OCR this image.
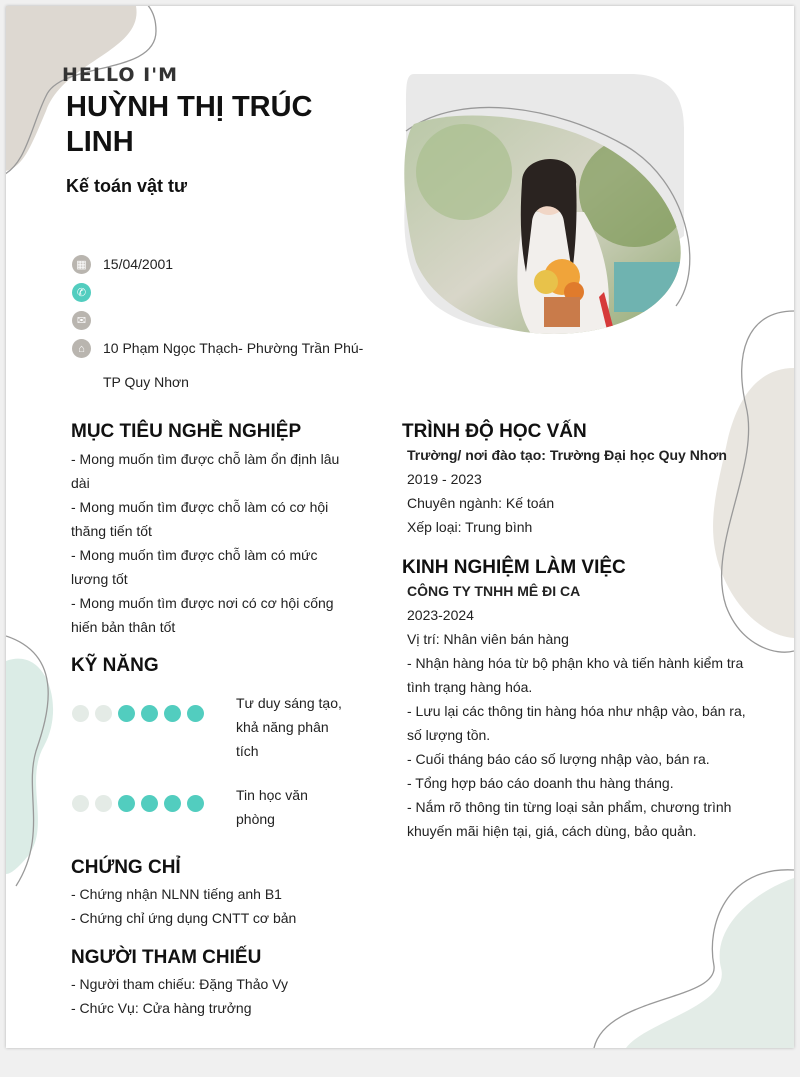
HELLO I'M
HUỲNH THỊ TRÚC LINH
Kế toán vật tư
▦	15/04/2001
✆
✉
⌂	10 Phạm Ngọc Thạch- Phường Trần Phú-
TP Quy Nhơn
MỤC TIÊU NGHỀ NGHIỆP
- Mong muốn tìm được chỗ làm ổn định lâu
dài
- Mong muốn tìm được chỗ làm có cơ hội
thăng tiến tốt
- Mong muốn tìm được chỗ làm có mức
lương tốt
- Mong muốn tìm được nơi có cơ hội cống
hiến bản thân tốt
KỸ NĂNG
Tư duy sáng tạo,
khả năng phân
tích
Tin học văn
phòng
CHỨNG CHỈ
- Chứng nhận NLNN tiếng anh B1
- Chứng chỉ ứng dụng CNTT cơ bản
NGƯỜI THAM CHIẾU
- Người tham chiếu: Đặng Thảo Vy
- Chức Vụ: Cửa hàng trưởng
TRÌNH ĐỘ HỌC VẤN
Trường/ nơi đào tạo: Trường Đại học Quy Nhơn
2019 - 2023
Chuyên ngành: Kế toán
Xếp loại: Trung bình
KINH NGHIỆM LÀM VIỆC
CÔNG TY TNHH MÊ ĐI CA
2023-2024
Vị trí: Nhân viên bán hàng
- Nhận hàng hóa từ bộ phận kho và tiến hành kiểm tra
tình trạng hàng hóa.
- Lưu lại các thông tin hàng hóa như nhập vào, bán ra,
số lượng tồn.
- Cuối tháng báo cáo số lượng nhập vào, bán ra.
- Tổng hợp báo cáo doanh thu hàng tháng.
- Nắm rõ thông tin từng loại sản phẩm, chương trình
khuyến mãi hiện tại, giá, cách dùng, bảo quản.
